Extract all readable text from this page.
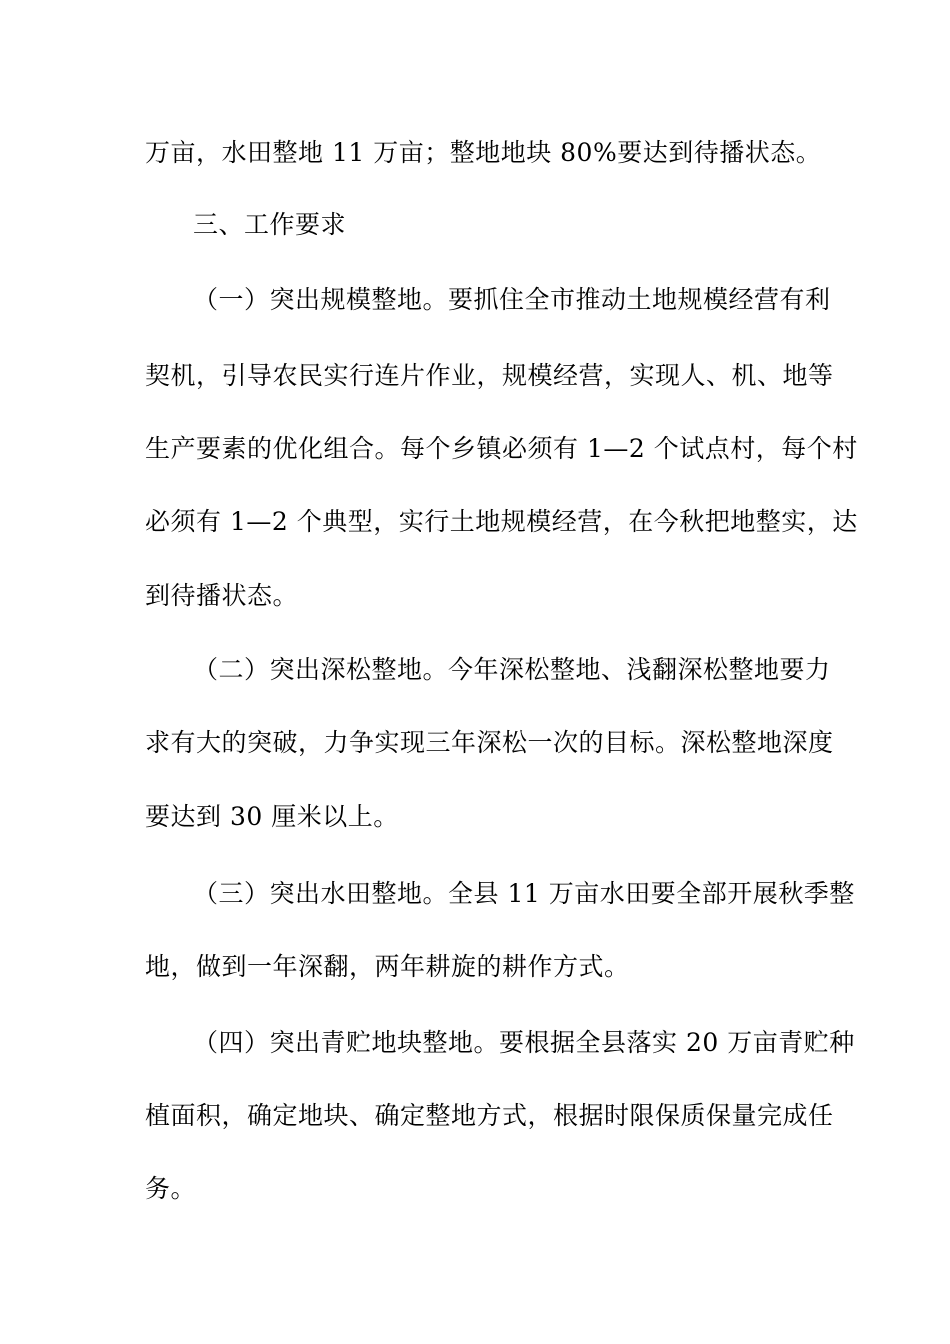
万亩，水田整地 11 万亩；整地地块 80%要达到待播状态。
三、工作要求
（一）突出规模整地。要抓住全市推动土地规模经营有利
契机，引导农民实行连片作业，规模经营，实现人、机、地等
生产要素的优化组合。每个乡镇必须有 1—2 个试点村，每个村
必须有 1—2 个典型，实行土地规模经营，在今秋把地整实，达
到待播状态。
（二）突出深松整地。今年深松整地、浅翻深松整地要力
求有大的突破，力争实现三年深松一次的目标。深松整地深度
要达到 30 厘米以上。
（三）突出水田整地。全县 11 万亩水田要全部开展秋季整
地，做到一年深翻，两年耕旋的耕作方式。
（四）突出青贮地块整地。要根据全县落实 20 万亩青贮种
植面积，确定地块、确定整地方式，根据时限保质保量完成任
务。
